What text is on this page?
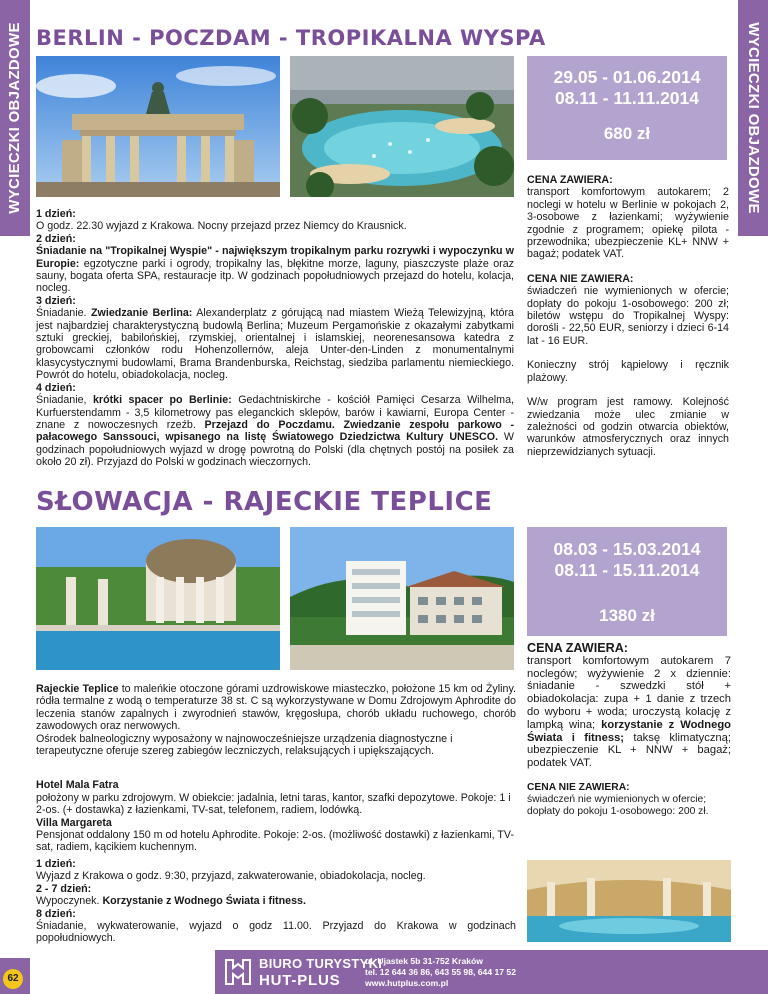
WYCIECZKI OBJAZDOWE	WYCIECZKI OBJAZDOWE
BERLIN - POCZDAM - TROPIKALNA WYSPA
29.05 - 01.06.2014
08.11 - 11.11.2014
680 zł

1 dzień:

O godz. 22.30 wyjazd z Krakowa. Nocny przejazd przez Niemcy do Krausnick.

2 dzień:

Śniadanie na "Tropikalnej Wyspie" - największym tropikalnym parku rozrywki i wypoczynku w Europie: egzotyczne parki i ogrody, tropikalny las, błękitne morze, laguny, piaszczyste plaże oraz sauny, bogata oferta SPA, restauracje itp. W godzinach popołudniowych przejazd do hotelu, kolacja, nocleg.

3 dzień:

Śniadanie. Zwiedzanie Berlina: Alexanderplatz z górującą nad miastem Wieżą Telewizyjną, która jest najbardziej charakterystyczną budowlą Berlina; Muzeum Pergamońskie z okazałymi zabytkami sztuki greckiej, babilońskiej, rzymskiej, orientalnej i islamskiej, neorenesansowa katedra z grobowcami członków rodu Hohenzollernów, aleja Unter-den-Linden z monumentalnymi klasycystycznymi budowlami, Brama Brandenburska, Reichstag, siedziba parlamentu niemieckiego. Powrót do hotelu, obiadokolacja, nocleg.

4 dzień:

Śniadanie, krótki spacer po Berlinie: Gedachtniskirche - kościół Pamięci Cesarza Wilhelma, Kurfuerstendamm - 3,5 kilometrowy pas eleganckich sklepów, barów i kawiarni, Europa Center - znane z nowoczesnych rzeźb. Przejazd do Poczdamu. Zwiedzanie zespołu parkowo - pałacowego Sanssouci, wpisanego na listę Światowego Dziedzictwa Kultury UNESCO. W godzinach popołudniowych wyjazd w drogę powrotną do Polski (dla chętnych postój na posiłek za około 20 zł). Przyjazd do Polski w godzinach wieczornych.

CENA ZAWIERA:

transport komfortowym autokarem; 2 noclegi w hotelu w Berlinie w pokojach 2, 3-osobowe z łazienkami; wyżywienie zgodnie z programem; opiekę pilota - przewodnika; ubezpieczenie KL+ NNW + bagaż; podatek VAT.

CENA NIE ZAWIERA:

świadczeń nie wymienionych w ofercie; dopłaty do pokoju 1-osobowego: 200 zł; biletów wstępu do Tropikalnej Wyspy: dorośli - 22,50 EUR, seniorzy i dzieci 6-14 lat - 16 EUR.

Konieczny strój kąpielowy i ręcznik plażowy.

W/w program jest ramowy. Kolejność zwiedzania może ulec zmianie w zależności od godzin otwarcia obiektów, warunków atmosferycznych oraz innych nieprzewidzianych sytuacji.

SŁOWACJA - RAJECKIE TEPLICE
08.03 - 15.03.2014
08.11 - 15.11.2014
1380 zł

Rajeckie Teplice to maleńkie otoczone górami uzdrowiskowe miasteczko, położone 15 km od Żyliny. ródła termalne z wodą o temperaturze 38 st. C są wykorzystywane w Domu Zdrojowym Aphrodite do leczenia stanów zapalnych i zwyrodnień stawów, kręgosłupa, chorób układu ruchowego, chorób zawodowych oraz nerwowych.

Ośrodek balneologiczny wyposażony w najnowocześniejsze urządzenia diagnostyczne i terapeutyczne oferuje szereg zabiegów leczniczych, relaksujących i upiększających.

Hotel Mala Fatra

położony w parku zdrojowym. W obiekcie: jadalnia, letni taras, kantor, szafki depozytowe. Pokoje: 1 i 2-os. (+ dostawka) z łazienkami, TV-sat, telefonem, radiem, lodówką.

Villa Margareta

Pensjonat oddalony 150 m od hotelu Aphrodite. Pokoje: 2-os. (możliwość dostawki) z łazienkami, TV-sat, radiem, kącikiem kuchennym.

1 dzień:

Wyjazd z Krakowa o godz. 9:30, przyjazd, zakwaterowanie, obiadokolacja, nocleg.

2 - 7 dzień:

Wypoczynek. Korzystanie z Wodnego Świata i fitness.

8 dzień:

Śniadanie, wykwaterowanie, wyjazd o godz 11.00. Przyjazd do Krakowa w godzinach popołudniowych.

CENA ZAWIERA:

transport komfortowym autokarem 7 noclegów; wyżywienie 2 x dziennie: śniadanie - szwedzki stół + obiadokolacja: zupa + 1 danie z trzech do wyboru + woda; uroczystą kolację z lampką wina; korzystanie z Wodnego Świata i fitness; taksę klimatyczną; ubezpieczenie KL + NNW + bagaż; podatek VAT.

CENA NIE ZAWIERA:

świadczeń nie wymienionych w ofercie; dopłaty do pokoju 1-osobowego: 200 zł.

62
BIURO TURYSTYKI
HUT-PLUS
ul. Ujastek 5b 31-752 Kraków
tel. 12 644 36 86, 643 55 98, 644 17 52
www.hutplus.com.pl
